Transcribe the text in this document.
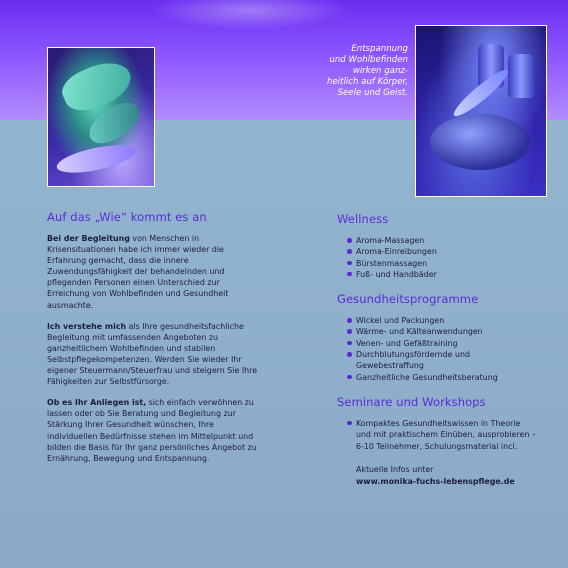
Entspannung
und Wohlbefinden
wirken ganz-
heitlich auf Körper,
Seele und Geist.
Auf das „Wie“ kommt es an

Bei der Begleitung von Menschen in Krisensituationen habe ich immer wieder die Erfahrung gemacht, dass die innere Zuwendungsfähigkeit der behandelnden und pflegenden Personen einen Unterschied zur Erreichung von Wohlbefinden und Gesundheit ausmachte.

Ich verstehe mich als Ihre gesundheitsfachliche Begleitung mit umfassenden Angeboten zu ganzheitlichem Wohlbefinden und stabilen Selbstpflegekompetenzen. Werden Sie wieder Ihr eigener Steuermann/Steuerfrau und steigern Sie Ihre Fähigkeiten zur Selbstfürsorge.

Ob es Ihr Anliegen ist, sich einfach verwöhnen zu lassen oder ob Sie Beratung und Begleitung zur Stärkung Ihrer Gesundheit wünschen, Ihre individuellen Bedürfnisse stehen im Mittelpunkt und bilden die Basis für Ihr ganz persönliches Angebot zu Ernährung, Bewegung und Entspannung.

Wellness
Aroma-Massagen
Aroma-Einreibungen
Bürstenmassagen
Fuß- und Handbäder
Gesundheitsprogramme
Wickel und Packungen
Wärme- und Kälteanwendungen
Venen- und Gefäßtraining
Durchblutungsfördernde und Gewebestraffung
Ganzheitliche Gesundheitsberatung
Seminare und Workshops
Kompaktes Gesundheitswissen in Theorie und mit praktischem Einüben, ausprobieren – 6-10 Teilnehmer, Schulungsmaterial incl.
Aktuelle Infos unter
www.monika-fuchs-lebenspflege.de
